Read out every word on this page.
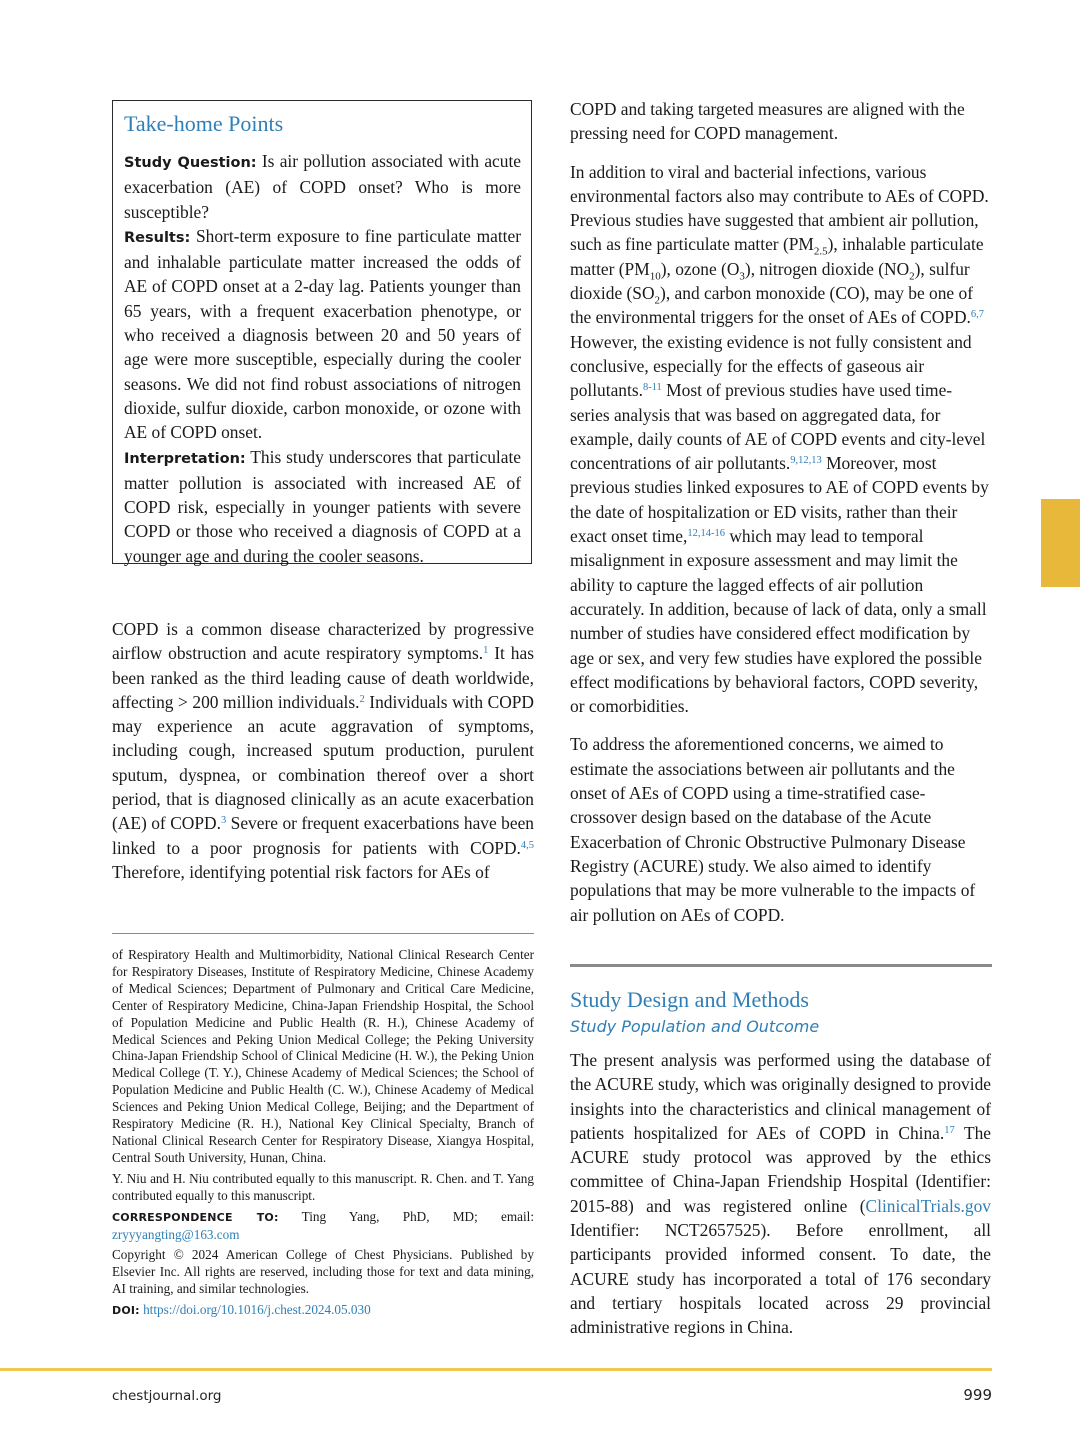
Take-home Points

Study Question: Is air pollution associated with acute exacerbation (AE) of COPD onset? Who is more susceptible?

Results: Short-term exposure to fine particulate matter and inhalable particulate matter increased the odds of AE of COPD onset at a 2-day lag. Patients younger than 65 years, with a frequent exacerbation phenotype, or who received a diagnosis between 20 and 50 years of age were more susceptible, especially during the cooler seasons. We did not find robust associations of nitrogen dioxide, sulfur dioxide, carbon monoxide, or ozone with AE of COPD onset.

Interpretation: This study underscores that particulate matter pollution is associated with increased AE of COPD risk, especially in younger patients with severe COPD or those who received a diagnosis of COPD at a younger age and during the cooler seasons.

COPD is a common disease characterized by progressive airflow obstruction and acute respiratory symptoms.$^1$ It has been ranked as the third leading cause of death worldwide, affecting > 200 million individuals.$^2$ Individuals with COPD may experience an acute aggravation of symptoms, including cough, increased sputum production, purulent sputum, dyspnea, or combination thereof over a short period, that is diagnosed clinically as an acute exacerbation (AE) of COPD.$^3$ Severe or frequent exacerbations have been linked to a poor prognosis for patients with COPD.$^{4,5}$ Therefore, identifying potential risk factors for AEs of

of Respiratory Health and Multimorbidity, National Clinical Research Center for Respiratory Diseases, Institute of Respiratory Medicine, Chinese Academy of Medical Sciences; Department of Pulmonary and Critical Care Medicine, Center of Respiratory Medicine, China-Japan Friendship Hospital, the School of Population Medicine and Public Health (R. H.), Chinese Academy of Medical Sciences and Peking Union Medical College; the Peking University China-Japan Friendship School of Clinical Medicine (H. W.), the Peking Union Medical College (T. Y.), Chinese Academy of Medical Sciences; the School of Population Medicine and Public Health (C. W.), Chinese Academy of Medical Sciences and Peking Union Medical College, Beijing; and the Department of Respiratory Medicine (R. H.), National Key Clinical Specialty, Branch of National Clinical Research Center for Respiratory Disease, Xiangya Hospital, Central South University, Hunan, China.

Y. Niu and H. Niu contributed equally to this manuscript. R. Chen. and T. Yang contributed equally to this manuscript.

CORRESPONDENCE TO: Ting Yang, PhD, MD; email: zryyyangting@163.com

Copyright © 2024 American College of Chest Physicians. Published by Elsevier Inc. All rights are reserved, including those for text and data mining, AI training, and similar technologies.

DOI: https://doi.org/10.1016/j.chest.2024.05.030

COPD and taking targeted measures are aligned with the pressing need for COPD management.

In addition to viral and bacterial infections, various environmental factors also may contribute to AEs of COPD. Previous studies have suggested that ambient air pollution, such as fine particulate matter $(PM_{2.5})$, inhalable particulate matter $(PM_{10})$, ozone $(O_3)$, nitrogen dioxide $(NO_2)$, sulfur dioxide $(SO_2)$, and carbon monoxide (CO), may be one of the environmental triggers for the onset of AEs of COPD.$^{6,7}$ However, the existing evidence is not fully consistent and conclusive, especially for the effects of gaseous air pollutants.$^{8-11}$ Most of previous studies have used time-series analysis that was based on aggregated data, for example, daily counts of AE of COPD events and city-level concentrations of air pollutants.$^{9,12,13}$ Moreover, most previous studies linked exposures to AE of COPD events by the date of hospitalization or ED visits, rather than their exact onset time,$^{12,14-16}$ which may lead to temporal misalignment in exposure assessment and may limit the ability to capture the lagged effects of air pollution accurately. In addition, because of lack of data, only a small number of studies have considered effect modification by age or sex, and very few studies have explored the possible effect modifications by behavioral factors, COPD severity, or comorbidities.

To address the aforementioned concerns, we aimed to estimate the associations between air pollutants and the onset of AEs of COPD using a time-stratified case-crossover design based on the database of the Acute Exacerbation of Chronic Obstructive Pulmonary Disease Registry (ACURE) study. We also aimed to identify populations that may be more vulnerable to the impacts of air pollution on AEs of COPD.

Study Design and Methods
Study Population and Outcome

The present analysis was performed using the database of the ACURE study, which was originally designed to provide insights into the characteristics and clinical management of patients hospitalized for AEs of COPD in China.$^{17}$ The ACURE study protocol was approved by the ethics committee of China-Japan Friendship Hospital (Identifier: 2015-88) and was registered online (ClinicalTrials.gov Identifier: NCT2657525). Before enrollment, all participants provided informed consent. To date, the ACURE study has incorporated a total of 176 secondary and tertiary hospitals located across 29 provincial administrative regions in China.

chestjournal.org	999
